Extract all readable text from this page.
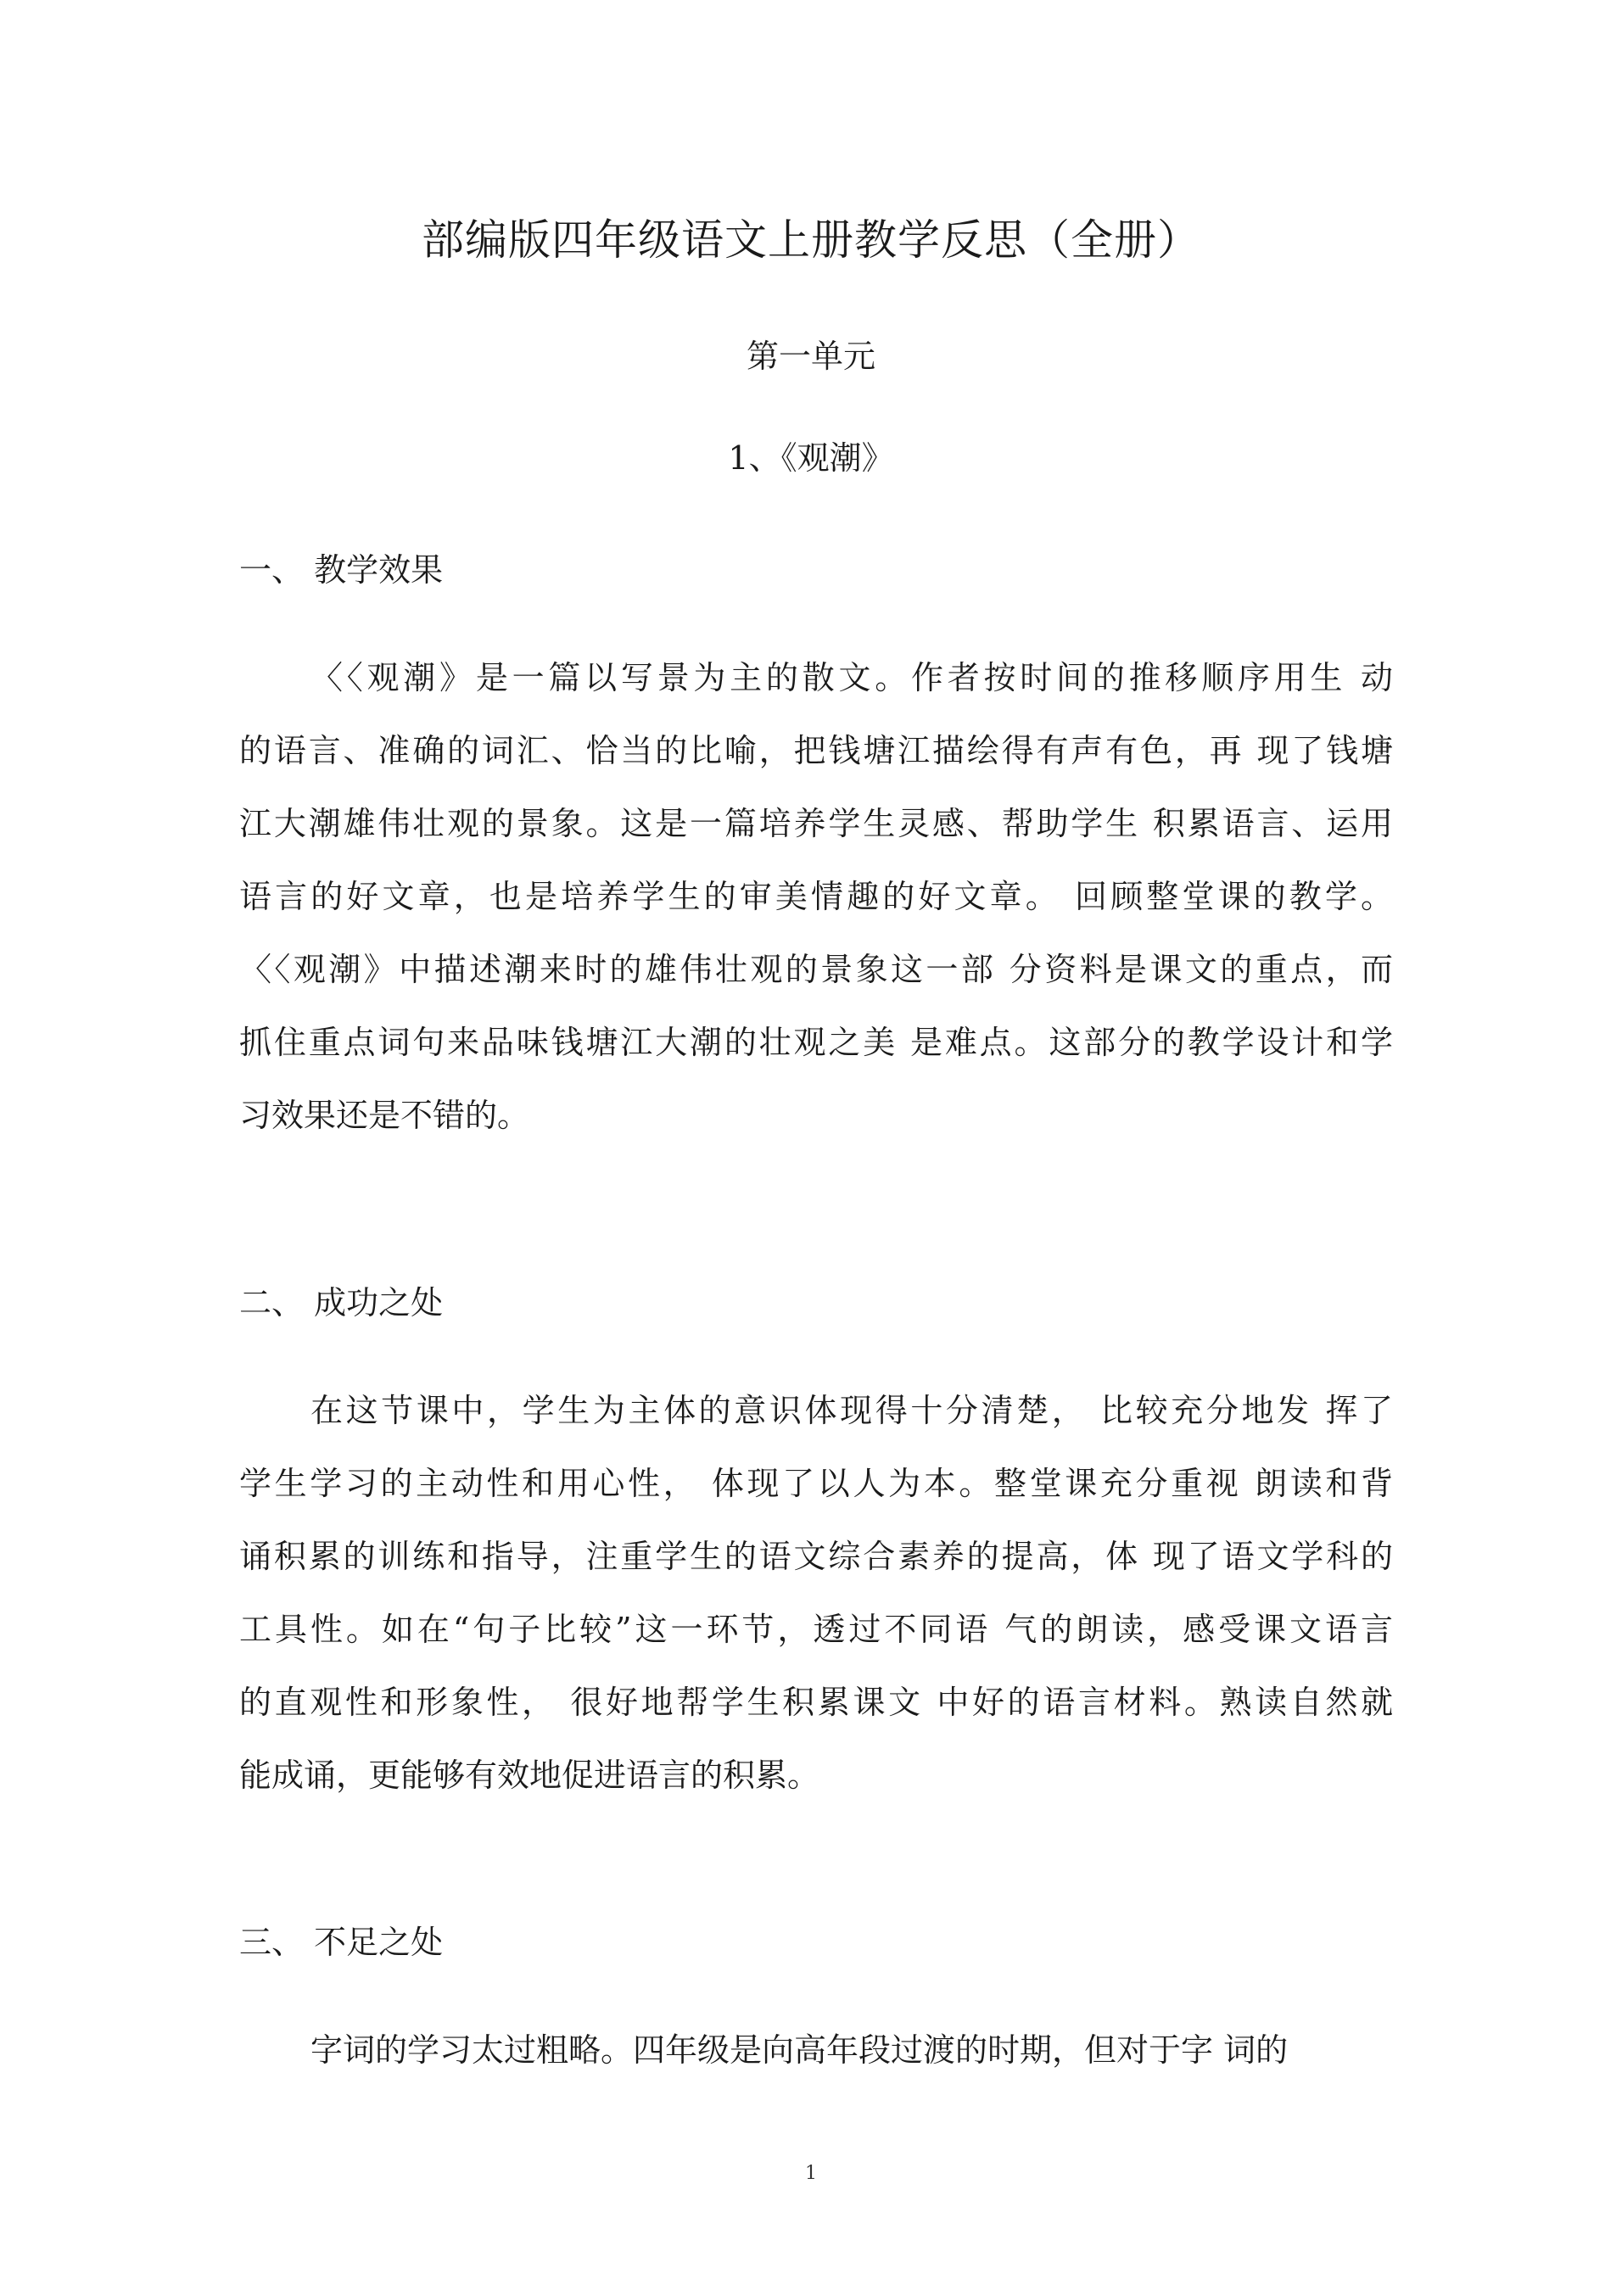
部编版四年级语文上册教学反思（全册）
第一单元
1、《观潮》
一、 教学效果
〈〈观潮》是一篇以写景为主的散文。作者按时间的推移顺序用生 动
的语言、准确的词汇、恰当的比喻，把钱塘江描绘得有声有色，再 现了钱塘
江大潮雄伟壮观的景象。这是一篇培养学生灵感、帮助学生 积累语言、运用
语言的好文章，也是培养学生的审美情趣的好文章。 回顾整堂课的教学。
〈〈观潮》中描述潮来时的雄伟壮观的景象这一部 分资料是课文的重点，而
抓住重点词句来品味钱塘江大潮的壮观之美 是难点。这部分的教学设计和学
习效果还是不错的。
二、 成功之处
在这节课中，学生为主体的意识体现得十分清楚， 比较充分地发 挥了
学生学习的主动性和用心性， 体现了以人为本。整堂课充分重视 朗读和背
诵积累的训练和指导，注重学生的语文综合素养的提高，体 现了语文学科的
工具性。如在“句子比较”这一环节，透过不同语 气的朗读，感受课文语言
的直观性和形象性， 很好地帮学生积累课文 中好的语言材料。熟读自然就
能成诵，更能够有效地促进语言的积累。
三、 不足之处
字词的学习太过粗略。四年级是向高年段过渡的时期，但对于字 词的
1
